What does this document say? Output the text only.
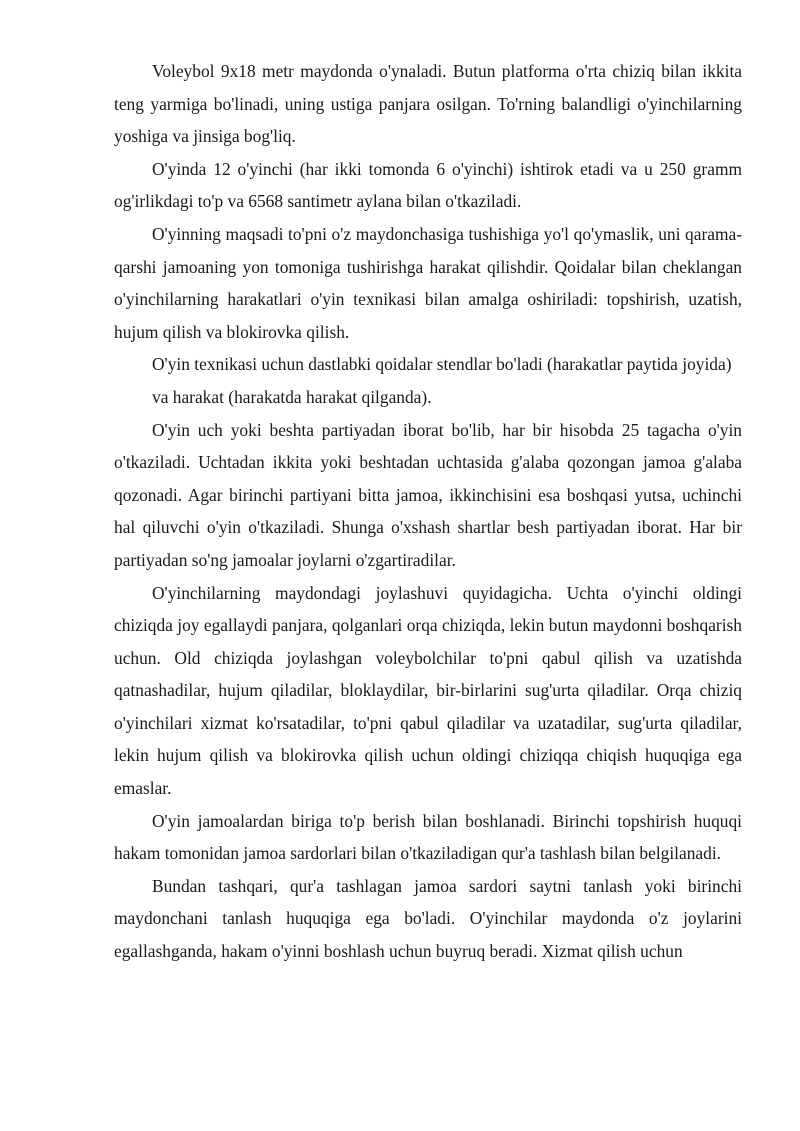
Voleybol 9x18 metr maydonda o'ynaladi. Butun platforma o'rta chiziq bilan ikkita teng yarmiga bo'linadi, uning ustiga panjara osilgan. To'rning balandligi o'yinchilarning yoshiga va jinsiga bog'liq.

O'yinda 12 o'yinchi (har ikki tomonda 6 o'yinchi) ishtirok etadi va u 250 gramm og'irlikdagi to'p va 6568 santimetr aylana bilan o'tkaziladi.

O'yinning maqsadi to'pni o'z maydonchasiga tushishiga yo'l qo'ymaslik, uni qarama-qarshi jamoaning yon tomoniga tushirishga harakat qilishdir. Qoidalar bilan cheklangan o'yinchilarning harakatlari o'yin texnikasi bilan amalga oshiriladi: topshirish, uzatish, hujum qilish va blokirovka qilish.

O'yin texnikasi uchun dastlabki qoidalar stendlar bo'ladi (harakatlar paytida joyida) va harakat (harakatda harakat qilganda).

O'yin uch yoki beshta partiyadan iborat bo'lib, har bir hisobda 25 tagacha o'yin o'tkaziladi. Uchtadan ikkita yoki beshtadan uchtasida g'alaba qozongan jamoa g'alaba qozonadi. Agar birinchi partiyani bitta jamoa, ikkinchisini esa boshqasi yutsa, uchinchi hal qiluvchi o'yin o'tkaziladi. Shunga o'xshash shartlar besh partiyadan iborat. Har bir partiyadan so'ng jamoalar joylarni o'zgartiradilar.

O'yinchilarning maydondagi joylashuvi quyidagicha. Uchta o'yinchi oldingi chiziqda joy egallaydi panjara, qolganlari orqa chiziqda, lekin butun maydonni boshqarish uchun. Old chiziqda joylashgan voleybolchilar to'pni qabul qilish va uzatishda qatnashadilar, hujum qiladilar, bloklaydilar, bir-birlarini sug'urta qiladilar. Orqa chiziq o'yinchilari xizmat ko'rsatadilar, to'pni qabul qiladilar va uzatadilar, sug'urta qiladilar, lekin hujum qilish va blokirovka qilish uchun oldingi chiziqqa chiqish huquqiga ega emaslar.

O'yin jamoalardan biriga to'p berish bilan boshlanadi. Birinchi topshirish huquqi hakam tomonidan jamoa sardorlari bilan o'tkaziladigan qur'a tashlash bilan belgilanadi.

Bundan tashqari, qur'a tashlagan jamoa sardori saytni tanlash yoki birinchi maydonchani tanlash huquqiga ega bo'ladi. O'yinchilar maydonda o'z joylarini egallashganda, hakam o'yinni boshlash uchun buyruq beradi. Xizmat qilish uchun
